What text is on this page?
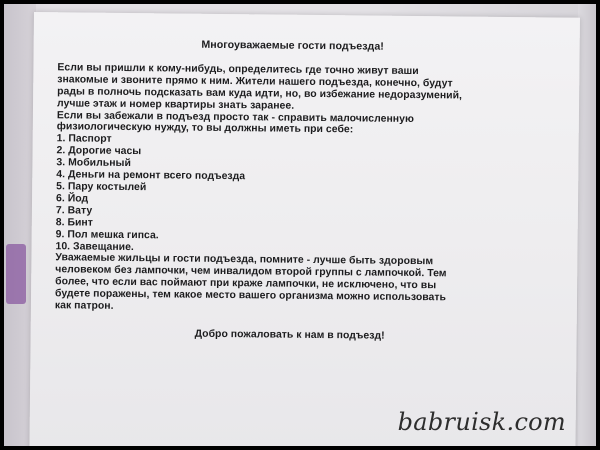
Многоуважаемые гости подъезда!

Если вы пришли к кому-нибудь, определитесь где точно живут ваши

знакомые и звоните прямо к ним. Жители нашего подъезда, конечно, будут

рады в полночь подсказать вам куда идти, но, во избежание недоразумений,

лучше этаж и номер квартиры знать заранее.

Если вы забежали в подъезд просто так - справить малочисленную

физиологическую нужду, то вы должны иметь при себе:

1. Паспорт
2. Дорогие часы
3. Мобильный
4. Деньги на ремонт всего подъезда
5. Пару костылей
6. Йод
7. Вату
8. Бинт
9. Пол мешка гипса.
10. Завещание.

Уважаемые жильцы и гости подъезда, помните - лучше быть здоровым

человеком без лампочки, чем инвалидом второй группы с лампочкой. Тем

более, что если вас поймают при краже лампочки, не исключено, что вы

будете поражены, тем какое место вашего организма можно использовать

как патрон.

Добро пожаловать к нам в подъезд!
babruisk.com
